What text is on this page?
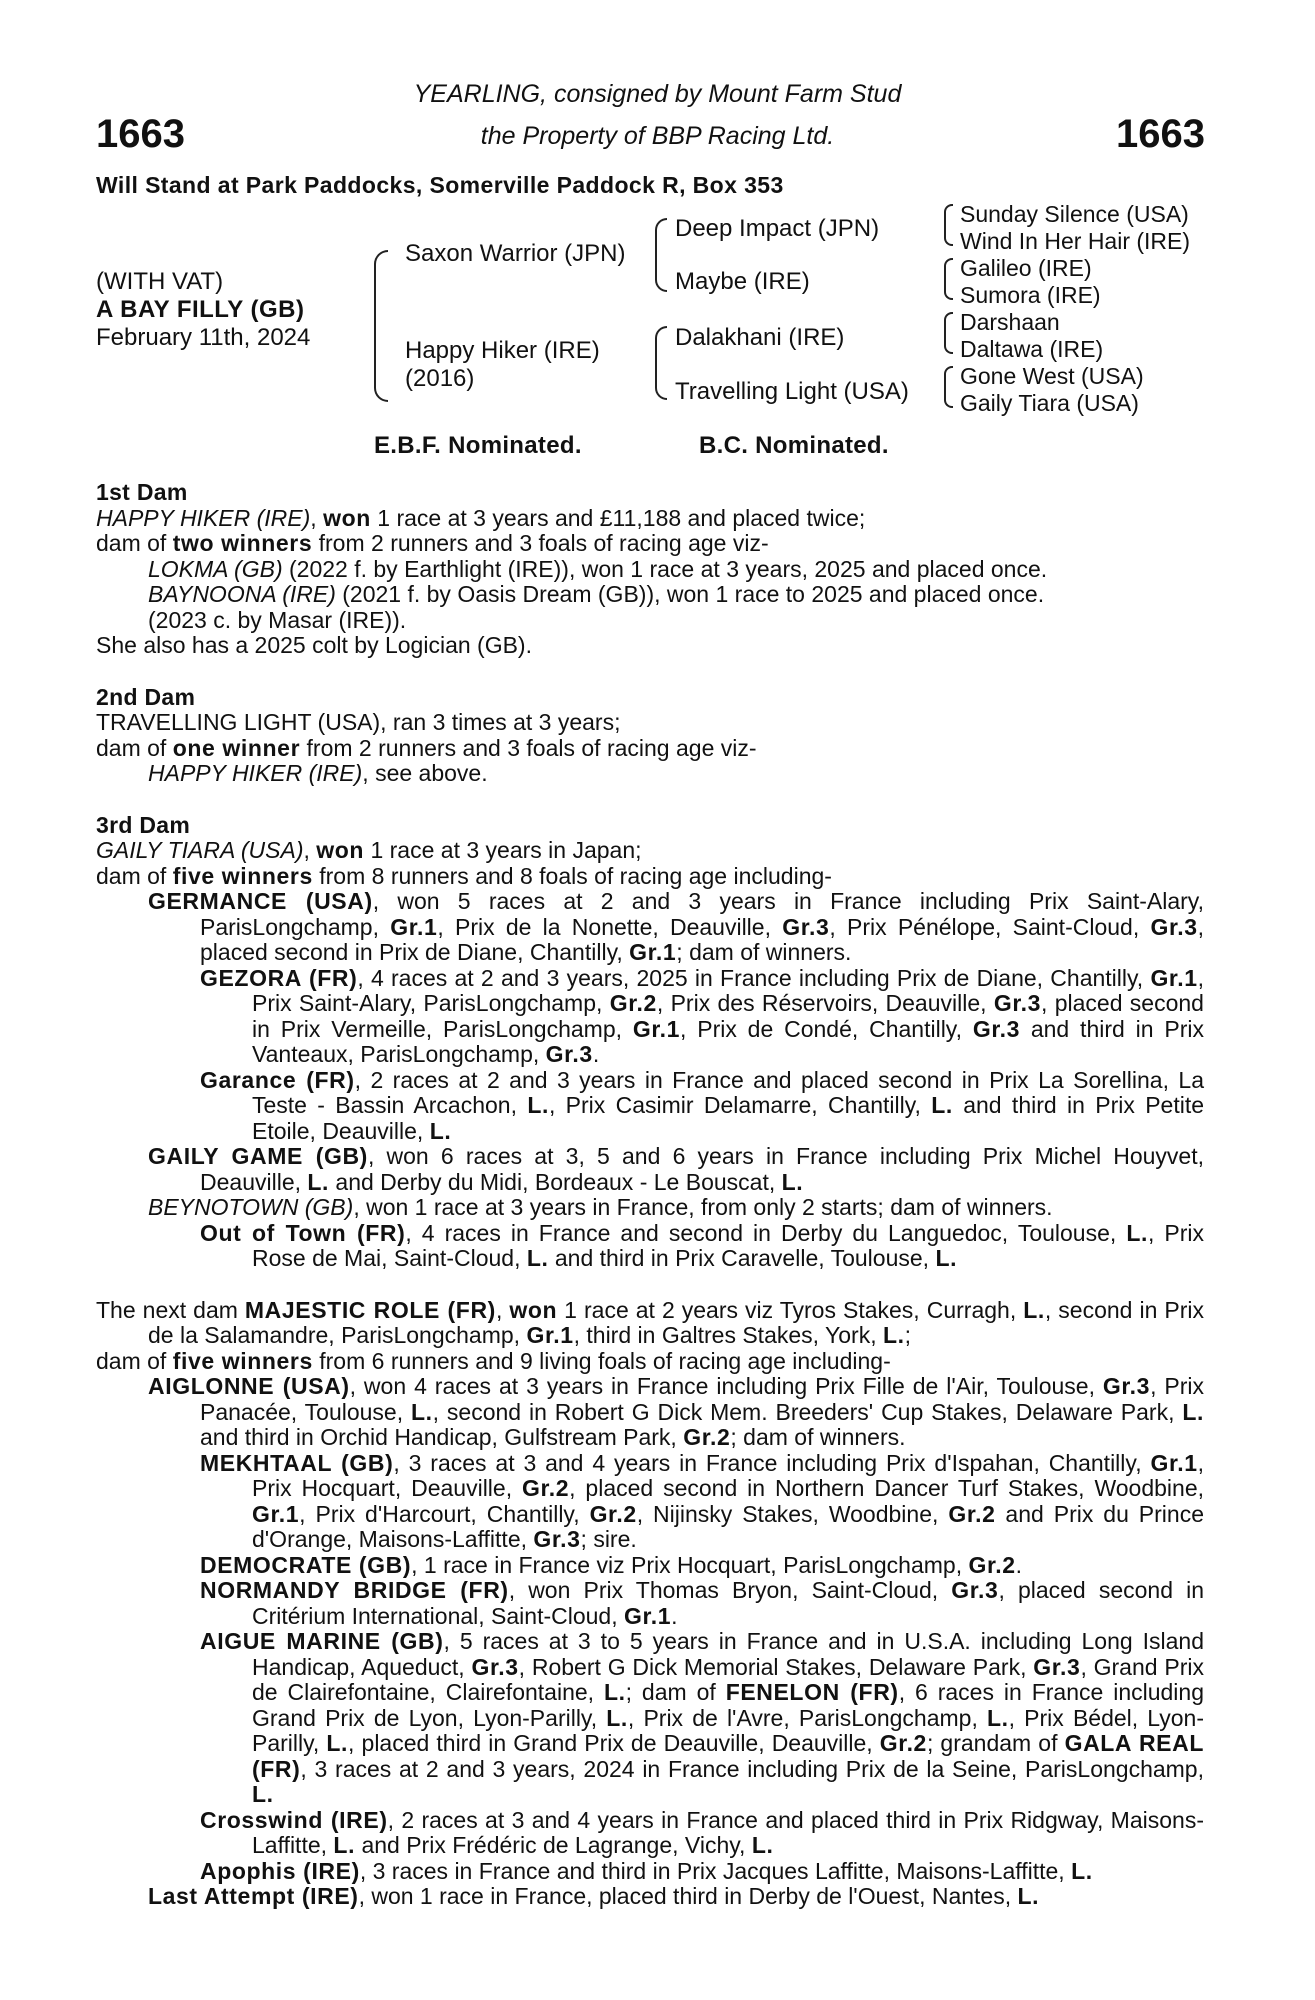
1663	1663
YEARLING, consigned by Mount Farm Stud
the Property of BBP Racing Ltd.
Will Stand at Park Paddocks, Somerville Paddock R, Box 353
(WITH VAT)
A BAY FILLY (GB)
February 11th, 2024
Saxon Warrior (JPN)
Happy Hiker (IRE)
(2016)
Deep Impact (JPN)
Maybe (IRE)
Dalakhani (IRE)
Travelling Light (USA)
Sunday Silence (USA)
Wind In Her Hair (IRE)
Galileo (IRE)
Sumora (IRE)
Darshaan
Daltawa (IRE)
Gone West (USA)
Gaily Tiara (USA)
E.B.F. Nominated.	B.C. Nominated.

1st Dam

HAPPY HIKER (IRE), won 1 race at 3 years and £11,188 and placed twice;

dam of two winners from 2 runners and 3 foals of racing age viz-

LOKMA (GB) (2022 f. by Earthlight (IRE)), won 1 race at 3 years, 2025 and placed once.

BAYNOONA (IRE) (2021 f. by Oasis Dream (GB)), won 1 race to 2025 and placed once.

(2023 c. by Masar (IRE)).

She also has a 2025 colt by Logician (GB).

2nd Dam

TRAVELLING LIGHT (USA), ran 3 times at 3 years;

dam of one winner from 2 runners and 3 foals of racing age viz-

HAPPY HIKER (IRE), see above.

3rd Dam

GAILY TIARA (USA), won 1 race at 3 years in Japan;

dam of five winners from 8 runners and 8 foals of racing age including-

GERMANCE (USA), won 5 races at 2 and 3 years in France including Prix Saint-Alary, ParisLongchamp, Gr.1, Prix de la Nonette, Deauville, Gr.3, Prix Pénélope, Saint-Cloud, Gr.3, placed second in Prix de Diane, Chantilly, Gr.1; dam of winners.

GEZORA (FR), 4 races at 2 and 3 years, 2025 in France including Prix de Diane, Chantilly, Gr.1, Prix Saint-Alary, ParisLongchamp, Gr.2, Prix des Réservoirs, Deauville, Gr.3, placed second in Prix Vermeille, ParisLongchamp, Gr.1, Prix de Condé, Chantilly, Gr.3 and third in Prix Vanteaux, ParisLongchamp, Gr.3.

Garance (FR), 2 races at 2 and 3 years in France and placed second in Prix La Sorellina, La Teste - Bassin Arcachon, L., Prix Casimir Delamarre, Chantilly, L. and third in Prix Petite Etoile, Deauville, L.

GAILY GAME (GB), won 6 races at 3, 5 and 6 years in France including Prix Michel Houyvet, Deauville, L. and Derby du Midi, Bordeaux - Le Bouscat, L.

BEYNOTOWN (GB), won 1 race at 3 years in France, from only 2 starts; dam of winners.

Out of Town (FR), 4 races in France and second in Derby du Languedoc, Toulouse, L., Prix Rose de Mai, Saint-Cloud, L. and third in Prix Caravelle, Toulouse, L.

The next dam MAJESTIC ROLE (FR), won 1 race at 2 years viz Tyros Stakes, Curragh, L., second in Prix de la Salamandre, ParisLongchamp, Gr.1, third in Galtres Stakes, York, L.;

dam of five winners from 6 runners and 9 living foals of racing age including-

AIGLONNE (USA), won 4 races at 3 years in France including Prix Fille de l'Air, Toulouse, Gr.3, Prix Panacée, Toulouse, L., second in Robert G Dick Mem. Breeders' Cup Stakes, Delaware Park, L. and third in Orchid Handicap, Gulfstream Park, Gr.2; dam of winners.

MEKHTAAL (GB), 3 races at 3 and 4 years in France including Prix d'Ispahan, Chantilly, Gr.1, Prix Hocquart, Deauville, Gr.2, placed second in Northern Dancer Turf Stakes, Woodbine, Gr.1, Prix d'Harcourt, Chantilly, Gr.2, Nijinsky Stakes, Woodbine, Gr.2 and Prix du Prince d'Orange, Maisons-Laffitte, Gr.3; sire.

DEMOCRATE (GB), 1 race in France viz Prix Hocquart, ParisLongchamp, Gr.2.

NORMANDY BRIDGE (FR), won Prix Thomas Bryon, Saint-Cloud, Gr.3, placed second in Critérium International, Saint-Cloud, Gr.1.

AIGUE MARINE (GB), 5 races at 3 to 5 years in France and in U.S.A. including Long Island Handicap, Aqueduct, Gr.3, Robert G Dick Memorial Stakes, Delaware Park, Gr.3, Grand Prix de Clairefontaine, Clairefontaine, L.; dam of FENELON (FR), 6 races in France including Grand Prix de Lyon, Lyon-Parilly, L., Prix de l'Avre, ParisLongchamp, L., Prix Bédel, Lyon-Parilly, L., placed third in Grand Prix de Deauville, Deauville, Gr.2; grandam of GALA REAL (FR), 3 races at 2 and 3 years, 2024 in France including Prix de la Seine, ParisLongchamp, L.

Crosswind (IRE), 2 races at 3 and 4 years in France and placed third in Prix Ridgway, Maisons-Laffitte, L. and Prix Frédéric de Lagrange, Vichy, L.

Apophis (IRE), 3 races in France and third in Prix Jacques Laffitte, Maisons-Laffitte, L.

Last Attempt (IRE), won 1 race in France, placed third in Derby de l'Ouest, Nantes, L.
